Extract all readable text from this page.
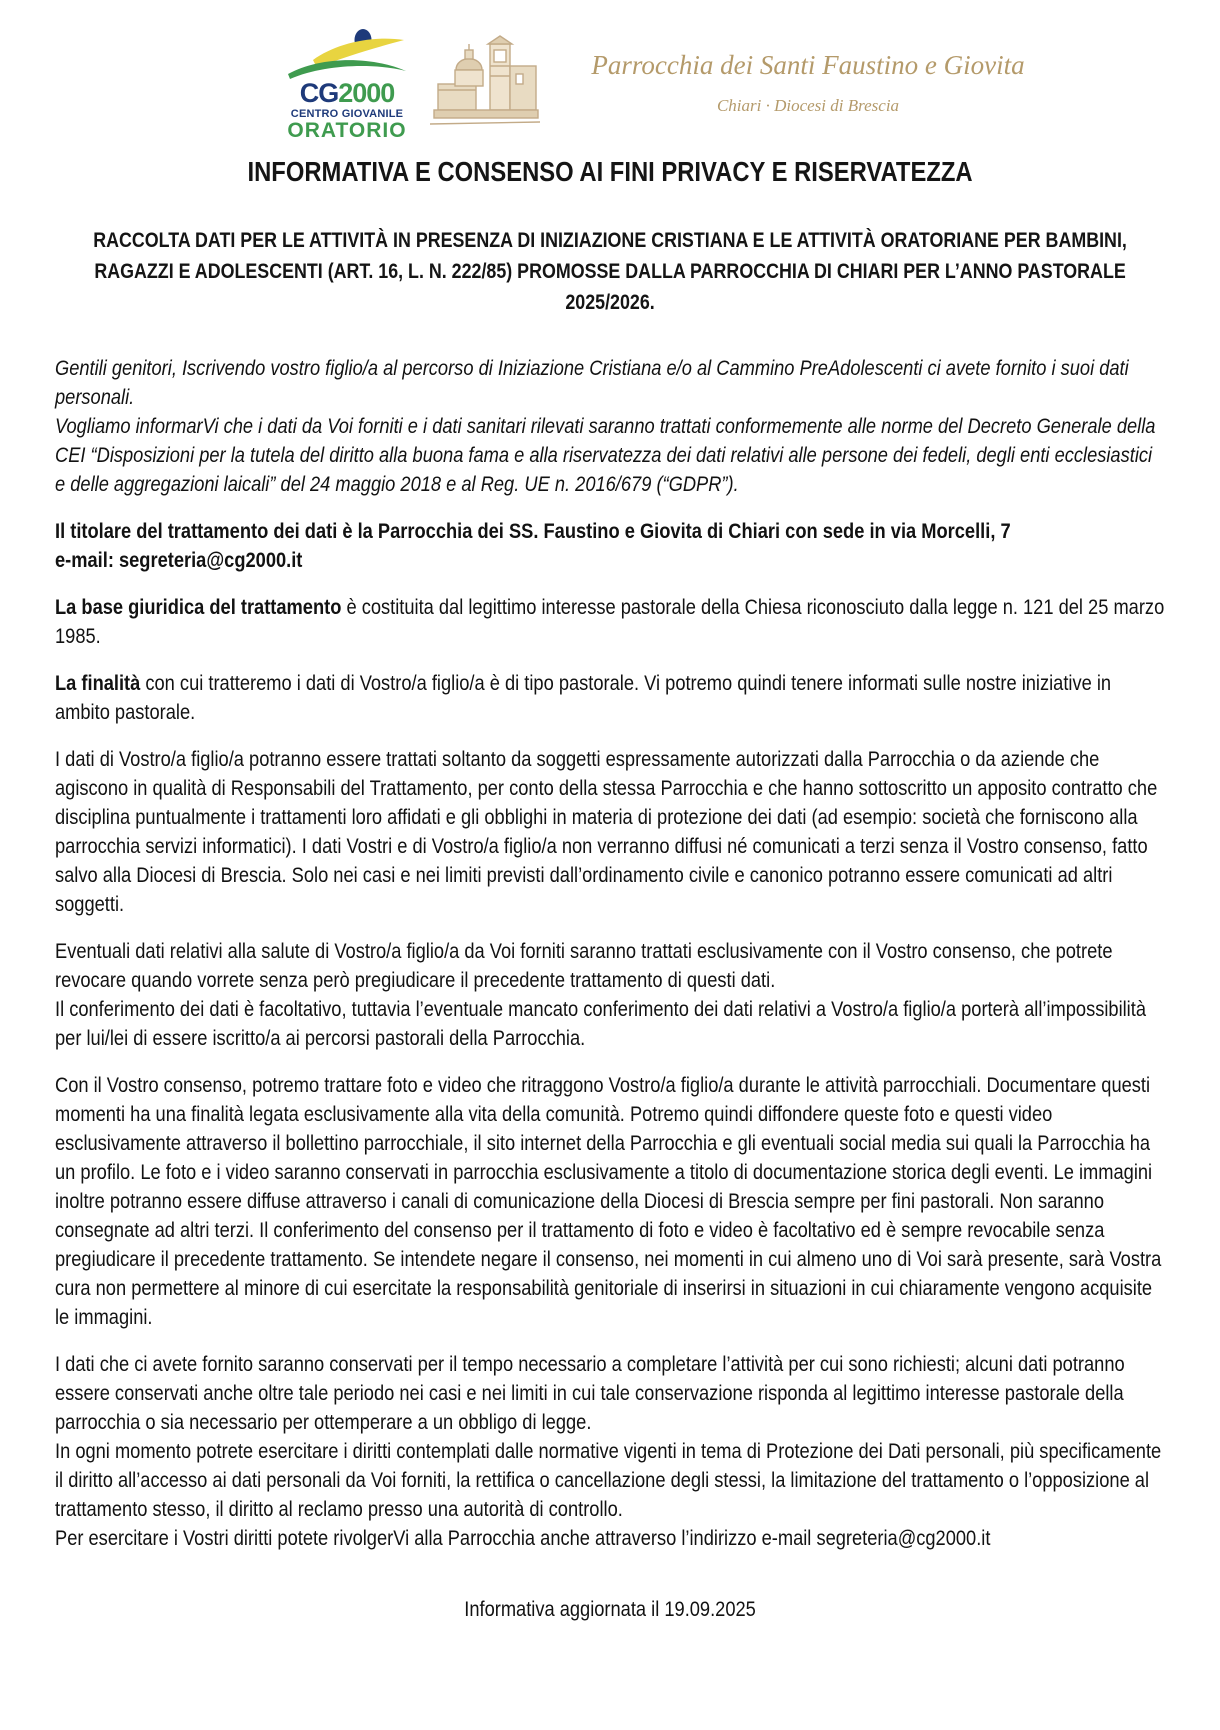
CG2000
CENTRO GIOVANILE
ORATORIO
Parrocchia dei Santi Faustino e Giovita
Chiari · Diocesi di Brescia
INFORMATIVA E CONSENSO AI FINI PRIVACY E RISERVATEZZA
RACCOLTA DATI PER LE ATTIVITÀ IN PRESENZA DI INIZIAZIONE CRISTIANA E LE ATTIVITÀ ORATORIANE PER BAMBINI, RAGAZZI E ADOLESCENTI (ART. 16, L. N. 222/85) PROMOSSE DALLA PARROCCHIA DI CHIARI PER L’ANNO PASTORALE 2025/2026.

Gentili genitori, Iscrivendo vostro figlio/a al percorso di Iniziazione Cristiana e/o al Cammino PreAdolescenti ci avete fornito i suoi dati personali.
Vogliamo informarVi che i dati da Voi forniti e i dati sanitari rilevati saranno trattati conformemente alle norme del Decreto Generale della CEI “Disposizioni per la tutela del diritto alla buona fama e alla riservatezza dei dati relativi alle persone dei fedeli, degli enti ecclesiastici e delle aggregazioni laicali” del 24 maggio 2018 e al Reg. UE n. 2016/679 (“GDPR”).

Il titolare del trattamento dei dati è la Parrocchia dei SS. Faustino e Giovita di Chiari con sede in via Morcelli, 7
e-mail: segreteria@cg2000.it

La base giuridica del trattamento è costituita dal legittimo interesse pastorale della Chiesa riconosciuto dalla legge n. 121 del 25 marzo 1985.

La finalità con cui tratteremo i dati di Vostro/a figlio/a è di tipo pastorale. Vi potremo quindi tenere informati sulle nostre iniziative in ambito pastorale.

I dati di Vostro/a figlio/a potranno essere trattati soltanto da soggetti espressamente autorizzati dalla Parrocchia o da aziende che agiscono in qualità di Responsabili del Trattamento, per conto della stessa Parrocchia e che hanno sottoscritto un apposito contratto che disciplina puntualmente i trattamenti loro affidati e gli obblighi in materia di protezione dei dati (ad esempio: società che forniscono alla parrocchia servizi informatici). I dati Vostri e di Vostro/a figlio/a non verranno diffusi né comunicati a terzi senza il Vostro consenso, fatto salvo alla Diocesi di Brescia. Solo nei casi e nei limiti previsti dall’ordinamento civile e canonico potranno essere comunicati ad altri soggetti.

Eventuali dati relativi alla salute di Vostro/a figlio/a da Voi forniti saranno trattati esclusivamente con il Vostro consenso, che potrete revocare quando vorrete senza però pregiudicare il precedente trattamento di questi dati.
Il conferimento dei dati è facoltativo, tuttavia l’eventuale mancato conferimento dei dati relativi a Vostro/a figlio/a porterà all’impossibilità per lui/lei di essere iscritto/a ai percorsi pastorali della Parrocchia.

Con il Vostro consenso, potremo trattare foto e video che ritraggono Vostro/a figlio/a durante le attività parrocchiali. Documentare questi momenti ha una finalità legata esclusivamente alla vita della comunità. Potremo quindi diffondere queste foto e questi video esclusivamente attraverso il bollettino parrocchiale, il sito internet della Parrocchia e gli eventuali social media sui quali la Parrocchia ha un profilo. Le foto e i video saranno conservati in parrocchia esclusivamente a titolo di documentazione storica degli eventi. Le immagini inoltre potranno essere diffuse attraverso i canali di comunicazione della Diocesi di Brescia sempre per fini pastorali. Non saranno consegnate ad altri terzi. Il conferimento del consenso per il trattamento di foto e video è facoltativo ed è sempre revocabile senza pregiudicare il precedente trattamento. Se intendete negare il consenso, nei momenti in cui almeno uno di Voi sarà presente, sarà Vostra cura non permettere al minore di cui esercitate la responsabilità genitoriale di inserirsi in situazioni in cui chiaramente vengono acquisite le immagini.

I dati che ci avete fornito saranno conservati per il tempo necessario a completare l’attività per cui sono richiesti; alcuni dati potranno essere conservati anche oltre tale periodo nei casi e nei limiti in cui tale conservazione risponda al legittimo interesse pastorale della parrocchia o sia necessario per ottemperare a un obbligo di legge.
In ogni momento potrete esercitare i diritti contemplati dalle normative vigenti in tema di Protezione dei Dati personali, più specificamente il diritto all’accesso ai dati personali da Voi forniti, la rettifica o cancellazione degli stessi, la limitazione del trattamento o l’opposizione al trattamento stesso, il diritto al reclamo presso una autorità di controllo.
Per esercitare i Vostri diritti potete rivolgerVi alla Parrocchia anche attraverso l’indirizzo e-mail segreteria@cg2000.it

Informativa aggiornata il 19.09.2025
